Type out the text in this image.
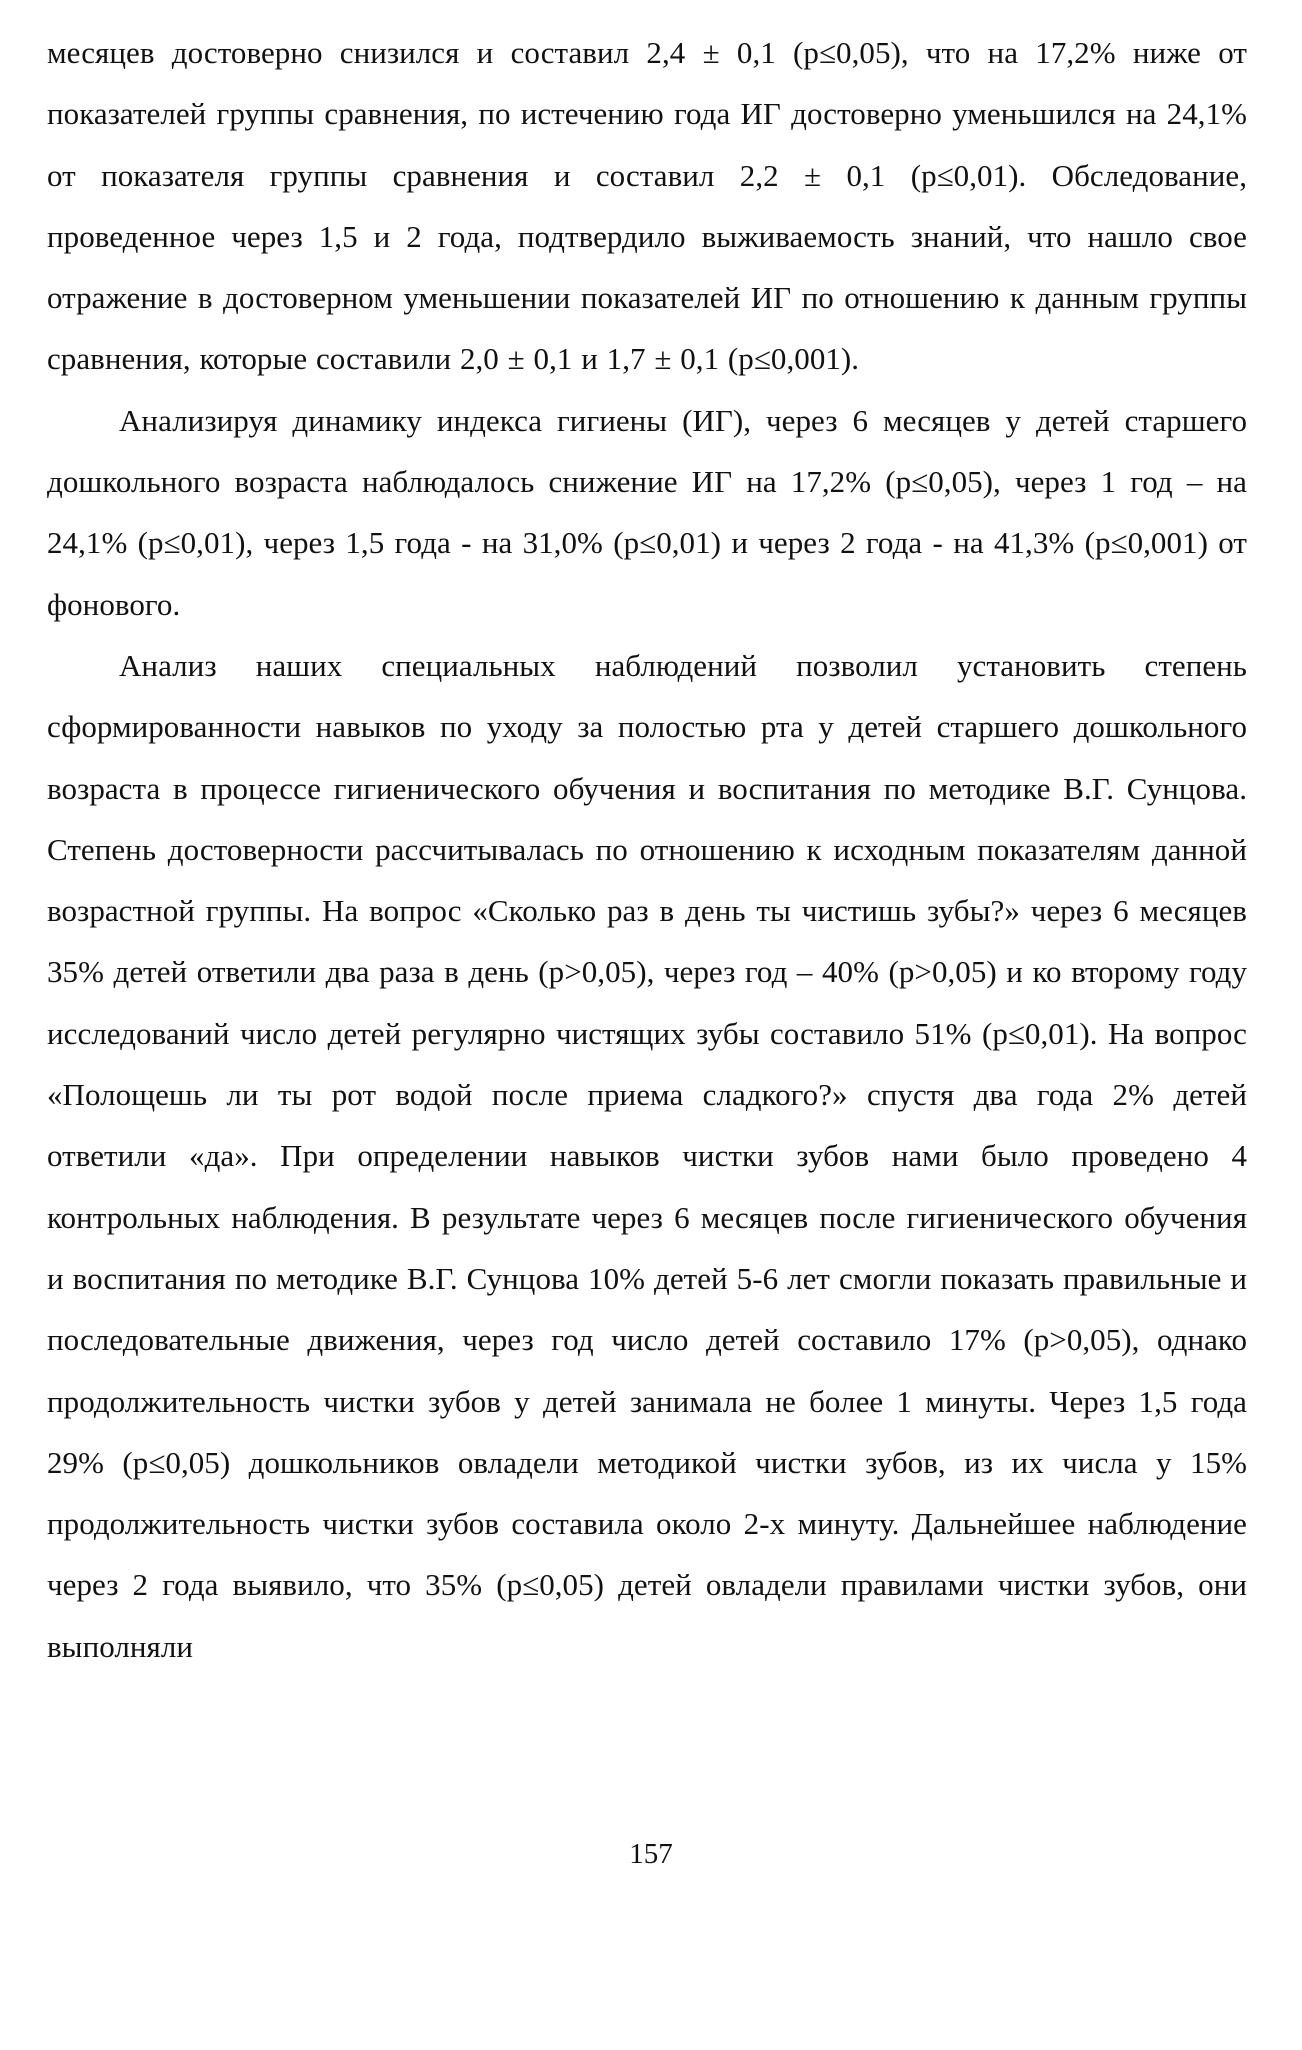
месяцев достоверно снизился и составил 2,4 ± 0,1 (p≤0,05), что на 17,2% ниже от показателей группы сравнения, по истечению года ИГ достоверно уменьшился на 24,1% от показателя группы сравнения и составил 2,2 ± 0,1 (p≤0,01). Обследование, проведенное через 1,5 и 2 года, подтвердило выживаемость знаний, что нашло свое отражение в достоверном уменьшении показателей ИГ по отношению к данным группы сравнения, которые составили 2,0 ± 0,1 и 1,7 ± 0,1 (p≤0,001).

Анализируя динамику индекса гигиены (ИГ), через 6 месяцев у детей старшего дошкольного возраста наблюдалось снижение ИГ на 17,2% (p≤0,05), через 1 год – на 24,1% (p≤0,01), через 1,5 года - на 31,0% (p≤0,01) и через 2 года - на 41,3% (p≤0,001) от фонового.

Анализ наших специальных наблюдений позволил установить степень сформированности навыков по уходу за полостью рта у детей старшего дошкольного возраста в процессе гигиенического обучения и воспитания по методике В.Г. Сунцова. Степень достоверности рассчитывалась по отношению к исходным показателям данной возрастной группы. На вопрос «Сколько раз в день ты чистишь зубы?» через 6 месяцев 35% детей ответили два раза в день (p>0,05), через год – 40% (p>0,05) и ко второму году исследований число детей регулярно чистящих зубы составило 51% (p≤0,01). На вопрос «Полощешь ли ты рот водой после приема сладкого?» спустя два года 2% детей ответили «да». При определении навыков чистки зубов нами было проведено 4 контрольных наблюдения. В результате через 6 месяцев после гигиенического обучения и воспитания по методике В.Г. Сунцова 10% детей 5-6 лет смогли показать правильные и последовательные движения, через год число детей составило 17% (p>0,05), однако продолжительность чистки зубов у детей занимала не более 1 минуты. Через 1,5 года 29% (p≤0,05) дошкольников овладели методикой чистки зубов, из их числа у 15% продолжительность чистки зубов составила около 2-х минуту. Дальнейшее наблюдение через 2 года выявило, что 35% (p≤0,05) детей овладели правилами чистки зубов, они выполняли

157
